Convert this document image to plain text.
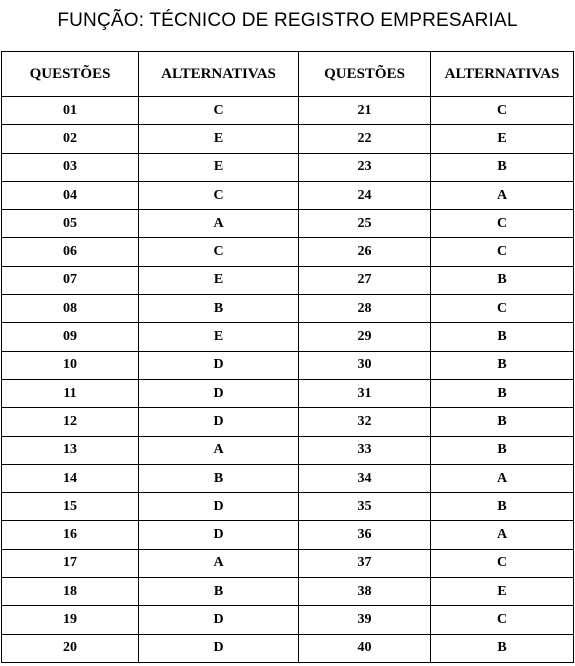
FUNÇÃO: TÉCNICO DE REGISTRO EMPRESARIAL
QUESTÕES	ALTERNATIVAS	QUESTÕES	ALTERNATIVAS
01	C	21	C
02	E	22	E
03	E	23	B
04	C	24	A
05	A	25	C
06	C	26	C
07	E	27	B
08	B	28	C
09	E	29	B
10	D	30	B
11	D	31	B
12	D	32	B
13	A	33	B
14	B	34	A
15	D	35	B
16	D	36	A
17	A	37	C
18	B	38	E
19	D	39	C
20	D	40	B
